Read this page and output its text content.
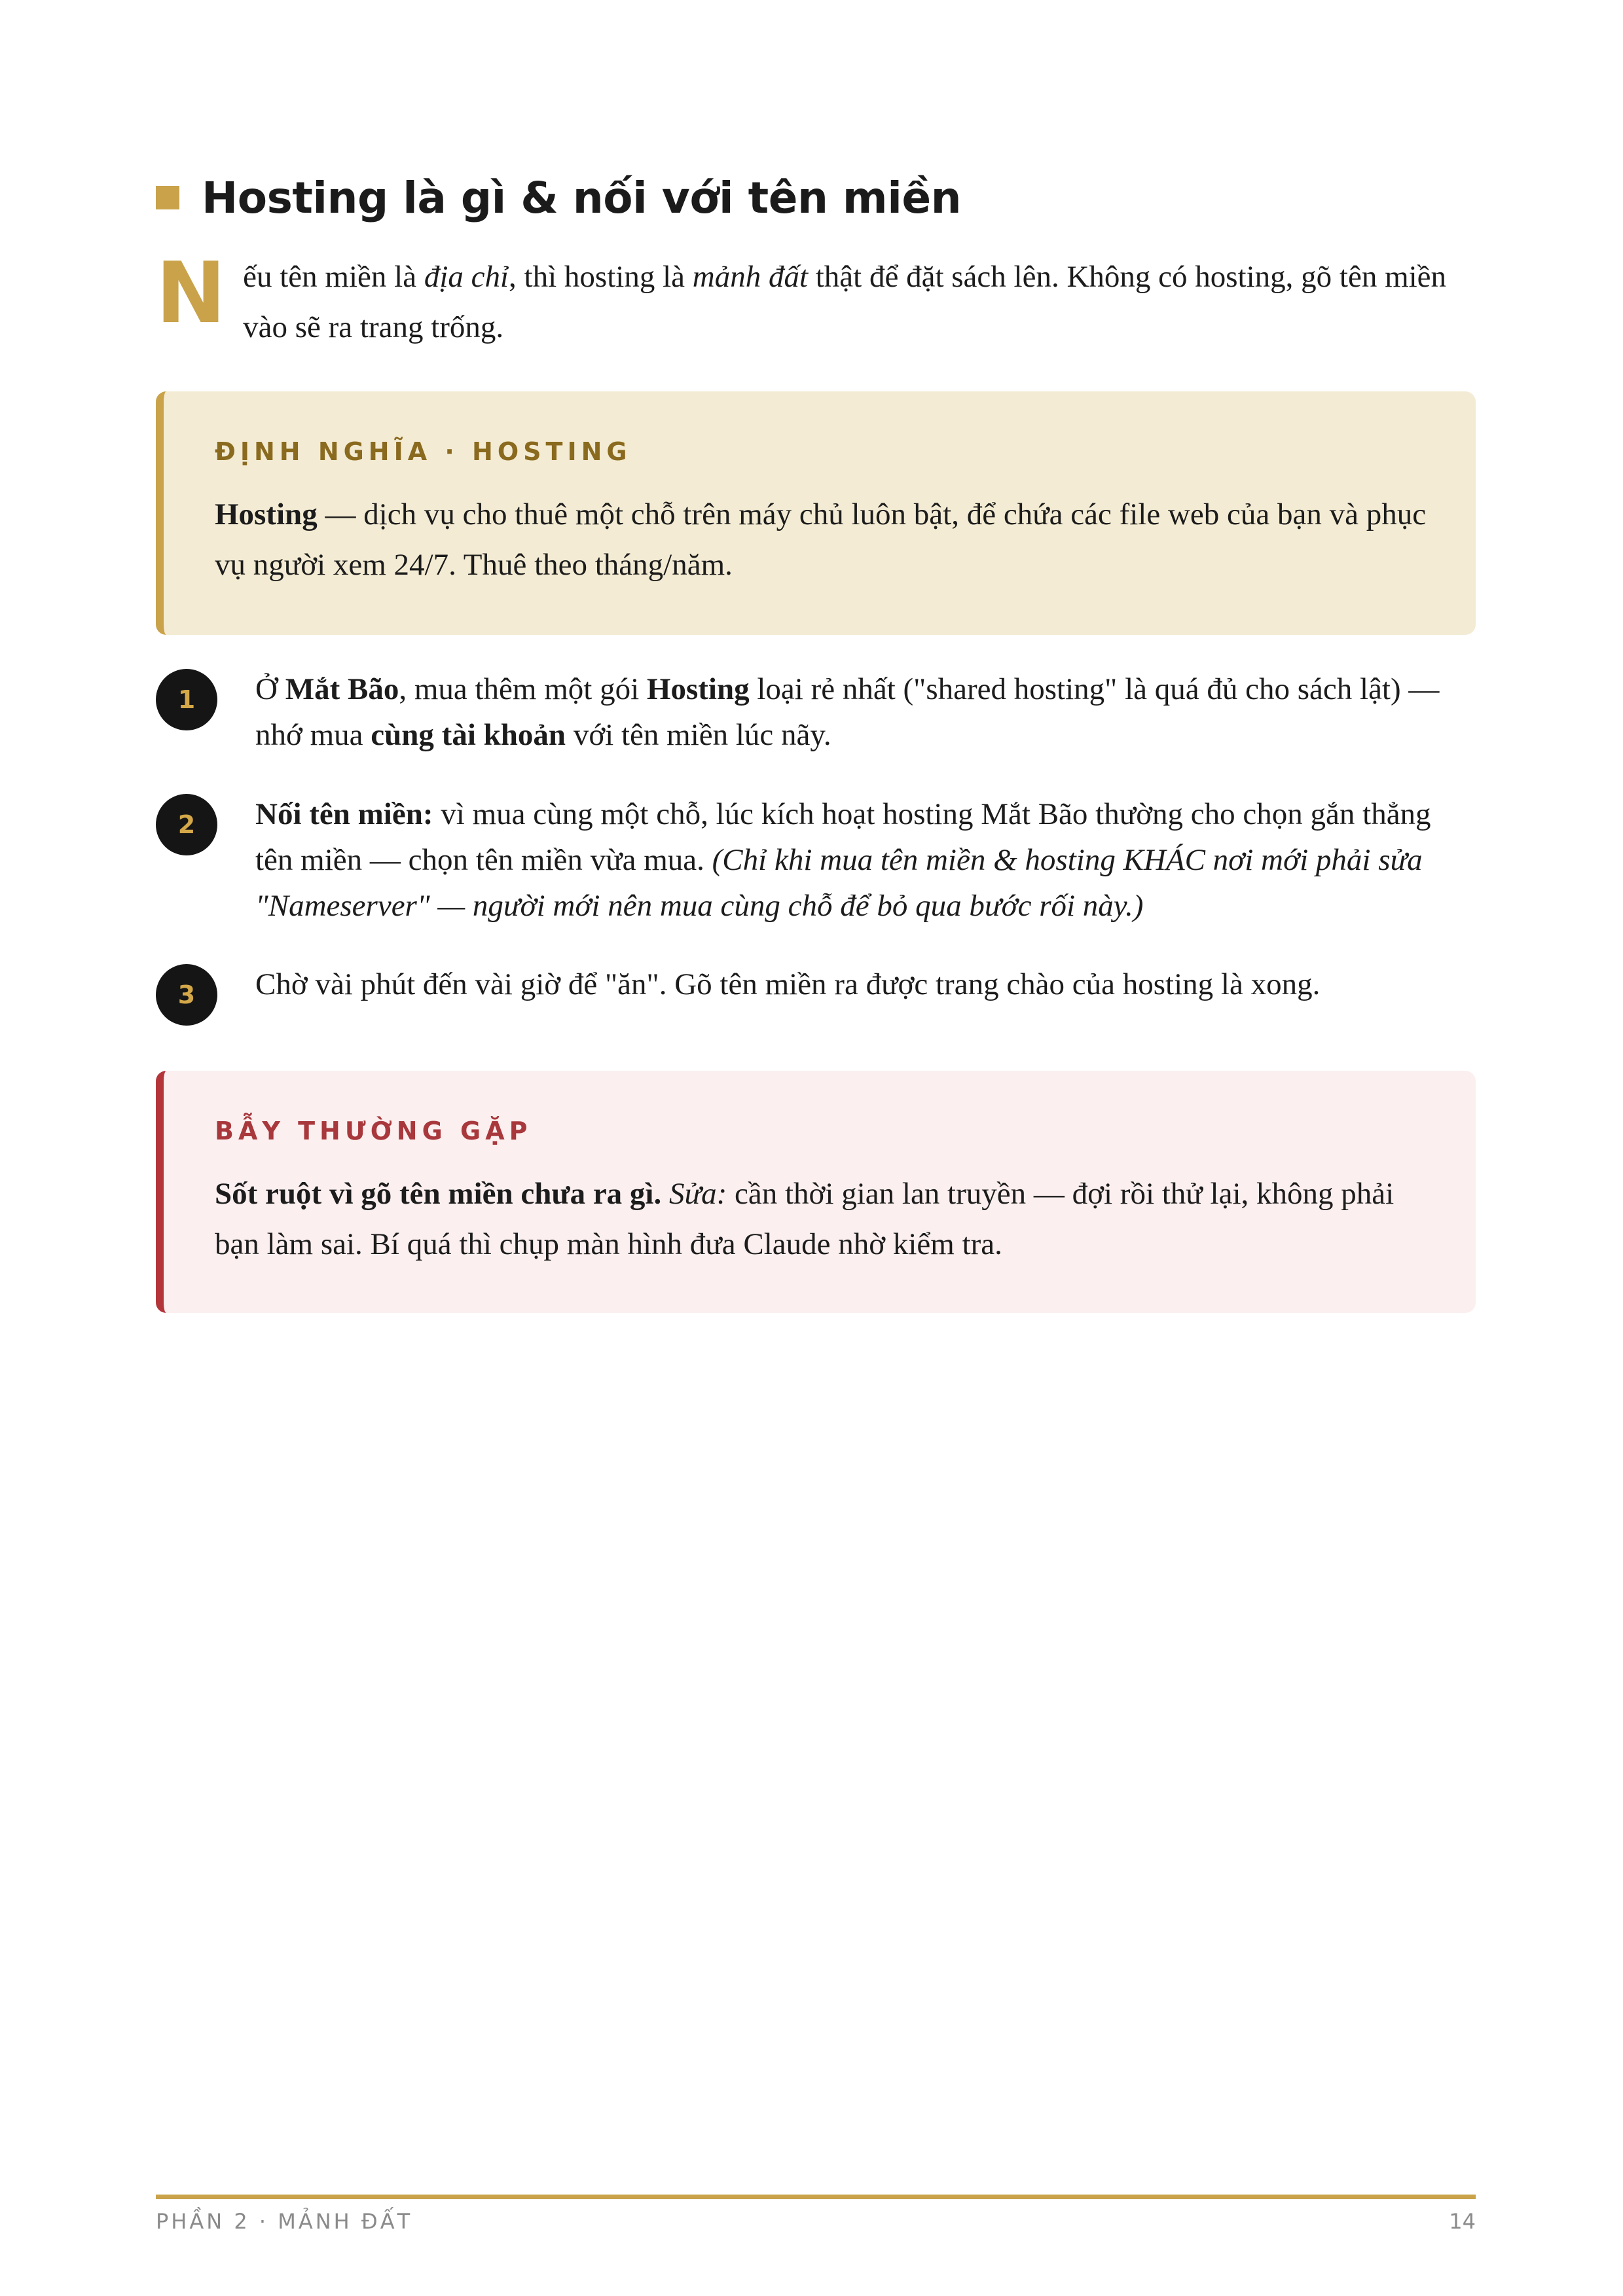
Hosting là gì & nối với tên miền
N ếu tên miền là địa chỉ, thì hosting là mảnh đất thật để đặt sách lên. Không có hosting, gõ tên miền vào sẽ ra trang trống.
ĐỊNH NGHĨA · HOSTING
Hosting — dịch vụ cho thuê một chỗ trên máy chủ luôn bật, để chứa các file web của bạn và phục vụ người xem 24/7. Thuê theo tháng/năm.
1	Ở Mắt Bão, mua thêm một gói Hosting loại rẻ nhất ("shared hosting" là quá đủ cho sách lật) — nhớ mua cùng tài khoản với tên miền lúc nãy.
2	Nối tên miền: vì mua cùng một chỗ, lúc kích hoạt hosting Mắt Bão thường cho chọn gắn thẳng tên miền — chọn tên miền vừa mua. (Chỉ khi mua tên miền & hosting KHÁC nơi mới phải sửa "Nameserver" — người mới nên mua cùng chỗ để bỏ qua bước rối này.)
3	Chờ vài phút đến vài giờ để "ăn". Gõ tên miền ra được trang chào của hosting là xong.
BẪY THƯỜNG GẶP
Sốt ruột vì gõ tên miền chưa ra gì. Sửa: cần thời gian lan truyền — đợi rồi thử lại, không phải bạn làm sai. Bí quá thì chụp màn hình đưa Claude nhờ kiểm tra.
PHẦN 2 · MẢNH ĐẤT	14
